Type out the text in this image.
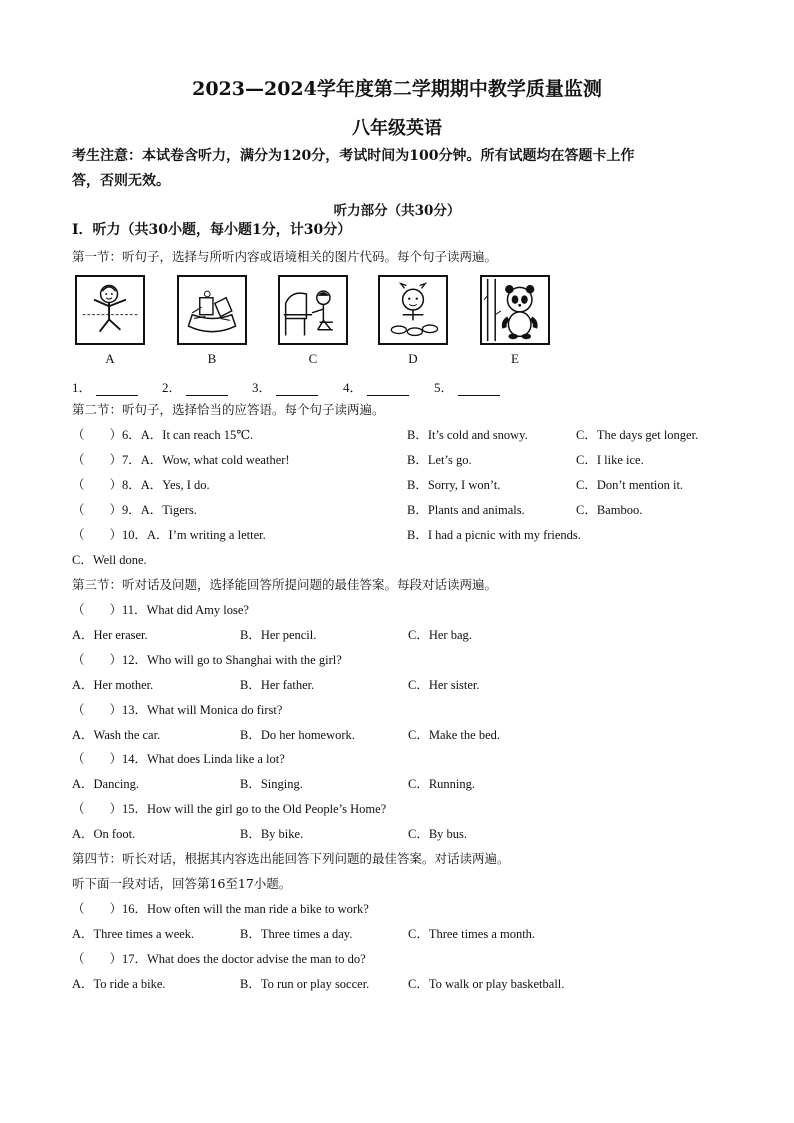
2023—2024学年度第二学期期中教学质量监测
八年级英语
考生注意：本试卷含听力，满分为120分，考试时间为100分钟。所有试题均在答题卡上作
答，否则无效。
听力部分（共30分）
Ⅰ．听力（共30小题，每小题1分，计30分）
第一节：听句子，选择与所听内容或语境相关的图片代码。每个句子读两遍。
A	B	C	D	E
1．	2．	3．	4．	5．
第二节：听句子，选择恰当的应答语。每个句子读两遍。
（　　）6．A．It can reach 15℃.	B．It’s cold and snowy.	C．The days get longer.
（　　）7．A．Wow, what cold weather!	B．Let’s go.	C．I like ice.
（　　）8．A．Yes, I do.	B．Sorry, I won’t.	C．Don’t mention it.
（　　）9．A．Tigers.	B．Plants and animals.	C．Bamboo.
（　　）10．A．I’m writing a letter.	B．I had a picnic with my friends.
C．Well done.
第三节：听对话及问题，选择能回答所提问题的最佳答案。每段对话读两遍。
（　　）11．What did Amy lose?
A．Her eraser.	B．Her pencil.	C．Her bag.
（　　）12．Who will go to Shanghai with the girl?
A．Her mother.	B．Her father.	C．Her sister.
（　　）13．What will Monica do first?
A．Wash the car.	B．Do her homework.	C．Make the bed.
（　　）14．What does Linda like a lot?
A．Dancing.	B．Singing.	C．Running.
（　　）15．How will the girl go to the Old People’s Home?
A．On foot.	B．By bike.	C．By bus.
第四节：听长对话，根据其内容选出能回答下列问题的最佳答案。对话读两遍。
听下面一段对话，回答第16至17小题。
（　　）16．How often will the man ride a bike to work?
A．Three times a week.	B．Three times a day.	C．Three times a month.
（　　）17．What does the doctor advise the man to do?
A．To ride a bike.	B．To run or play soccer.	C．To walk or play basketball.
